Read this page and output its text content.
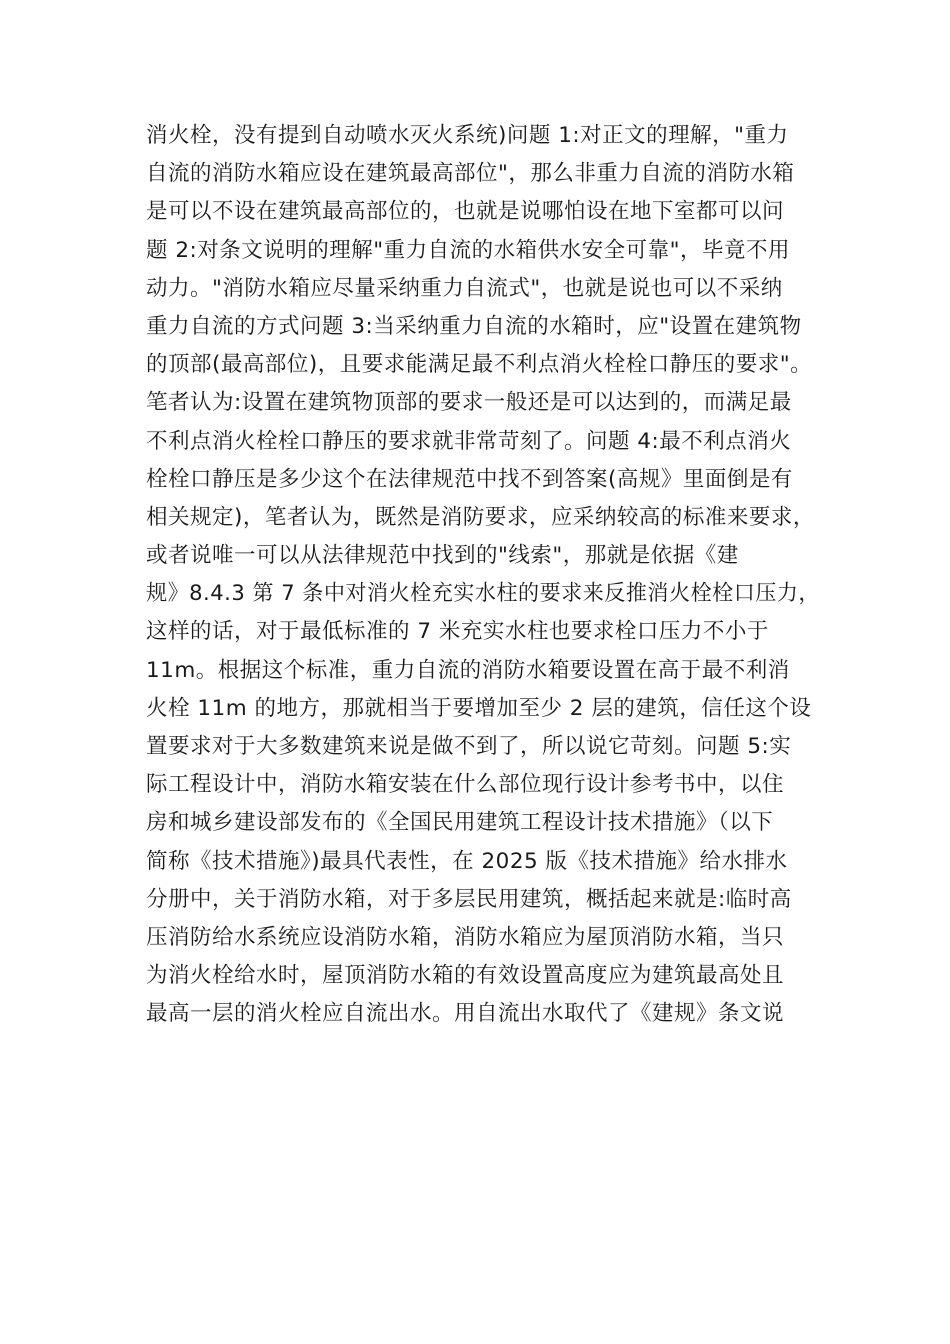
消火栓，没有提到自动喷水灭火系统)问题 1:对正文的理解，"重力
自流的消防水箱应设在建筑最高部位"，那么非重力自流的消防水箱
是可以不设在建筑最高部位的，也就是说哪怕设在地下室都可以问
题 2:对条文说明的理解"重力自流的水箱供水安全可靠"，毕竟不用
动力。"消防水箱应尽量采纳重力自流式"，也就是说也可以不采纳
重力自流的方式问题 3:当采纳重力自流的水箱时，应"设置在建筑物
的顶部(最高部位)，且要求能满足最不利点消火栓栓口静压的要求"。
笔者认为:设置在建筑物顶部的要求一般还是可以达到的，而满足最
不利点消火栓栓口静压的要求就非常苛刻了。问题 4:最不利点消火
栓栓口静压是多少这个在法律规范中找不到答案(高规》里面倒是有
相关规定)，笔者认为，既然是消防要求，应采纳较高的标准来要求，
或者说唯一可以从法律规范中找到的"线索"，那就是依据《建
规》8.4.3 第 7 条中对消火栓充实水柱的要求来反推消火栓栓口压力，
这样的话，对于最低标准的 7 米充实水柱也要求栓口压力不小于
11m。根据这个标准，重力自流的消防水箱要设置在高于最不利消
火栓 11m 的地方，那就相当于要增加至少 2 层的建筑，信任这个设
置要求对于大多数建筑来说是做不到了，所以说它苛刻。问题 5:实
际工程设计中，消防水箱安装在什么部位现行设计参考书中，以住
房和城乡建设部发布的《全国民用建筑工程设计技术措施》（以下
简称《技术措施》)最具代表性，在 2025 版《技术措施》给水排水
分册中，关于消防水箱，对于多层民用建筑，概括起来就是:临时高
压消防给水系统应设消防水箱，消防水箱应为屋顶消防水箱，当只
为消火栓给水时，屋顶消防水箱的有效设置高度应为建筑最高处且
最高一层的消火栓应自流出水。用自流出水取代了《建规》条文说
